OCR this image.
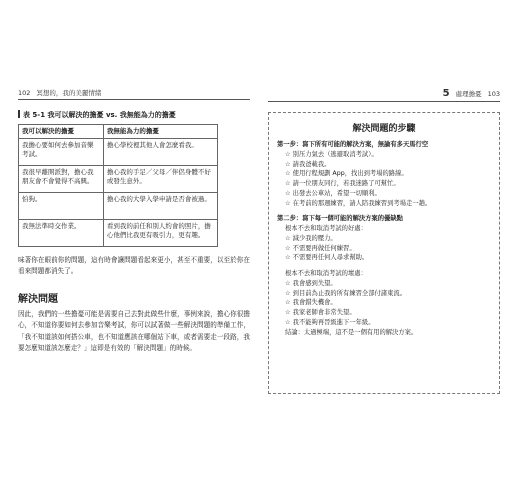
102 冥想的，我的美麗情緒
表 5-1 我可以解決的擔憂 vs. 我無能為力的擔憂
我可以解決的擔憂	我無能為力的擔憂
我擔心要如何去參加音樂考試。	擔心學校裡其他人會怎麼看我。
我很早離開派對，擔心我朋友會不會覺得不高興。	擔心我的手足／父母／伴侶身體不好或發生意外。
怕狗。	擔心我的大學入學申請是否會被過。
我無法準時交作業。	看到我的前任和別人約會的照片，擔心他們比我更有吸引力，更有趣。

味著你在眼前你的問題，這有時會讓問題看起來更小，甚至不重要，以至於你在看來問題都消失了。

解決問題

因此，我們的一些擔憂可能是需要自己去對此做些什麼，事例來說，擔心你很擔心，不知道你要如何去參加音樂考試，你可以試著做一些解決問題的準備工作，「我不知道該如何搭公車，也不知道應該在哪個站下車，或者需要走一段路，我要怎麼知道該怎麼走？」這即是有效的「解決問題」的時候。

5 處理擔憂 103
解決問題的步驟

第一步：寫下所有可能的解決方案，無論有多天馬行空

☆ 別压力氣去（逃避取消考試）。

☆ 請我爸載我。

☆ 使用行程規劃 App，找出到考場的路線。

☆ 請一位朋友同行，若我迷路了可幫忙。

☆ 出發去公車站，希望一切順利。

☆ 在考前的那週練習，請人陪我練習到考場走一趟。

第二步：寫下每一個可能的解決方案的優缺點

根本不去和取消考試的好處：

☆ 減少我的壓力。

☆ 不需要再做任何練習。

☆ 不需要再任何人尋求幫助。

根本不去和取消考試的壞處：

☆ 我會感到失望。

☆ 到目前為止我的所有練習全部付諸東流。

☆ 我會錯失機會。

☆ 我家老師會非常失望。

☆ 我不能夠再晉級進下一年級。

結論：太過極端，這不是一個有用的解決方案。
